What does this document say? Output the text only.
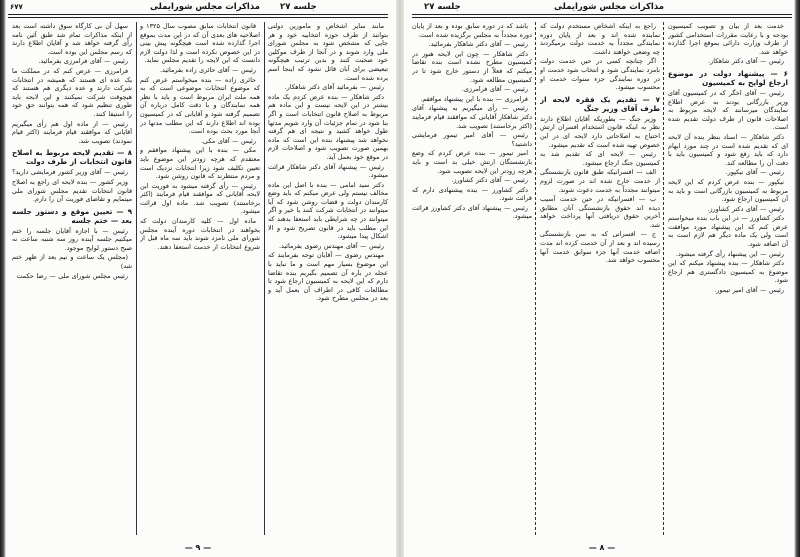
۶۷۷	مذاکرات مجلس شورایملی جلسه ۲۷

مانند سایر اشخاص و مامورین دولتی بتوانند از طرف حوزه انتخابیه خود و هر جایی که مشخص شود به مجلس شورای ملی وارد شوند و در آنجا از طرف موکلین خود صحبت کنند و بدین ترتیب هیچگونه تبعیضی برای آنان قائل نشود که اینجا اسم برده شده است.

رئیس — بفرمائید آقای دکتر شاهکار.

دکتر شاهکار — بنده عرض کردم یک ماده بیشتر در این لایحه نیست و این ماده هم مربوط به اصلاح قانون انتخابات است و اگر بنا شود در تمام جزئیات آن وارد شویم مدتها طول خواهد کشید و نتیجه ای هم گرفته نخواهد شد پیشنهاد بنده این است که ماده بهمین صورت تصویب شود و اصلاحات لازم در موقع خود بعمل آید.

رئیس — پیشنهاد آقای دکتر شاهکار قرائت میشود.

دکتر سید امامی — بنده با اصل این ماده مخالف نیستم ولی عرض میکنم که باید وضع کارمندان دولت و قضات روشن شود که آیا میتوانند در انتخابات شرکت کنند یا خیر و اگر میتوانند در چه شرایطی باید استعفا بدهند که این مطلب باید در قانون تصریح شود و الا اشکال پیدا میشود.

رئیس — آقای مهندس رضوی بفرمائید.

مهندس رضوی — آقایان توجه بفرمایند که این موضوع بسیار مهم است و ما نباید با عجله در باره آن تصمیم بگیریم بنده تقاضا دارم که این لایحه به کمیسیون ارجاع شود تا مطالعات کافی در اطراف آن بعمل آید و بعد در مجلس مطرح شود.

قانون انتخابات سابق مصوب سال ۱۳۲۵ و اصلاحیه های بعدی آن که در این مدت بموقع اجرا گذارده شده است هیچگونه پیش بینی در این خصوص نکرده است و لذا دولت لازم دانست که این لایحه را تقدیم مجلس نماید.

رئیس — آقای حائری زاده بفرمائید.

حائری زاده — بنده میخواستم عرض کنم که موضوع انتخابات موضوعی است که به همه ملت ایران مربوط است و باید با نظر همه نمایندگان و با دقت کامل درباره آن تصمیم گرفته شود و آقایانی که در کمیسیون بوده اند اطلاع دارند که این مطلب مدتها در آنجا مورد بحث بوده است.

رئیس — آقای مکی.

مکی — بنده با این پیشنهاد موافقم و معتقدم که هرچه زودتر این موضوع باید تعیین تکلیف شود زیرا انتخابات نزدیک است و مردم منتظرند که قانون روشن شود.

رئیس — رأی گرفته میشود به فوریت این لایحه آقایانی که موافقند قیام فرمایند (اکثر برخاستند) تصویب شد. ماده اول قرائت میشود.

ماده اول — کلیه کارمندان دولت که بخواهند در انتخابات دوره آینده مجلس شورای ملی نامزد شوند باید سه ماه قبل از شروع انتخابات از خدمت استعفا دهند.

سهل آن بی کارگاه سوق داشته است بعد از اینکه مذاکرات تمام شد طبق آئین نامه رأی گرفته خواهد شد و آقایان اطلاع دارند که رسم مجلس این بوده است.

رئیس — آقای فرامرزی بفرمائید.

فرامرزی — عرض کنم که در مملکت ما یک عده ای هستند که همیشه در انتخابات شرکت دارند و عده دیگری هم هستند که هیچوقت شرکت نمیکنند و این لایحه باید طوری تنظیم شود که همه بتوانند حق خود را استیفا کنند.

رئیس — از ماده اول هم رأی میگیریم آقایانی که موافقند قیام فرمایند (اکثر قیام نمودند) تصویب شد.

۸ — تقدیم لایحه مربوط به اصلاح قانون انتخابات از طرف دولت

رئیس — آقای وزیر کشور فرمایشی دارید؟

وزیر کشور — بنده لایحه ای راجع به اصلاح قانون انتخابات تقدیم مجلس شورای ملی مینمایم و تقاضای فوریت آن را دارم.

۹ — تعیین موقع و دستور جلسه بعد — ختم جلسه

رئیس — با اجازه آقایان جلسه را ختم میکنیم جلسه آینده روز سه شنبه ساعت نه صبح دستور لوایح موجود.

(مجلس یک ساعت و نیم بعد از ظهر ختم شد)

رئیس مجلس شورای ملی — رضا حکمت

— ۹ —
جلسه ۲۷	مذاکرات مجلس شورایملی

خدمت بعد از بیان و تصویب کمیسیون بودجه و با رعایت مقررات استخدامی کشور از طرف وزارت دارائی بموقع اجرا گذارده خواهد شد.

رئیس — آقای دکتر شاهکار.

۶ — پیشنهاد دولت در موضوع ارجاع لوایح به کمیسیون

رئیس — آقای اخگر که در کمیسیون آقای وزیر بازرگانی بودند به عرض اطلاع نمایندگان میرسانند که لایحه مربوط به اصلاحات قانون از طرف دولت تقدیم شده است.

دکتر شاهکار — اسناد بنظر بنده آن لایحه ای که تقدیم شده است در چند مورد ابهام دارد که باید رفع شود و کمیسیون باید با دقت آن را مطالعه کند.

رئیس — آقای نیکپور.

نیکپور — بنده عرض کردم که این لایحه مربوط به کمیسیون بازرگانی است و باید به آن کمیسیون ارجاع شود.

رئیس — آقای دکتر کشاورز.

دکتر کشاورز — در این باب بنده میخواستم عرض کنم که این پیشنهاد مورد موافقت است ولی یک ماده دیگر هم لازم است به آن اضافه شود.

رئیس — این پیشنهاد رأی گرفته میشود.

دکتر شاهکار — بنده پیشنهاد میکنم که این موضوع به کمیسیون دادگستری هم ارجاع شود.

رئیس — آقای امیر تیمور.

راجع به اینکه اشخاص مستخدم دولت که نماینده شده اند و بعد از پایان دوره نمایندگی مجدداً به خدمت دولت برمیگردند چه وضعی خواهند داشت.

اگر چنانچه کسی در حین خدمت دولت نامزد نمایندگی شود و انتخاب شود خدمت او در دوره نمایندگی جزء سنوات خدمت او محسوب میشود.

۷ — تقدیم یک فقره لایحه از طرف آقای وزیر جنگ

وزیر جنگ — بطوریکه آقایان اطلاع دارند نظر به اینکه قانون استخدام افسران ارتش احتیاج به اصلاحاتی دارد لایحه ای در این خصوص تهیه شده است که تقدیم میشود.

رئیس — لایحه ای که تقدیم شد به کمیسیون جنگ ارجاع میشود.

الف — افسرانیکه طبق قانون بازنشستگی از خدمت خارج شده اند در صورت لزوم میتوانند مجدداً به خدمت دعوت شوند.

ب — افسرانیکه در حین خدمت آسیب دیده اند حقوق بازنشستگی آنان مطابق آخرین حقوق دریافتی آنها پرداخت خواهد شد.

ج — افسرانی که به سن بازنشستگی رسیده اند و بعد از آن خدمت کرده اند مدت اضافه خدمت آنها جزء سوابق خدمت آنها محسوب خواهد شد.

باشد که در دوره سابق بوده و بعد از پایان دوره مجدداً به مجلس برگزیده شده است.

رئیس — آقای دکتر شاهکار بفرمائید.

دکتر شاهکار — چون این لایحه هنوز در کمیسیون مطرح نشده است بنده تقاضا میکنم که فعلاً از دستور خارج شود تا در کمیسیون مطالعه شود.

رئیس — آقای فرامرزی.

فرامرزی — بنده با این پیشنهاد موافقم.

رئیس — رأی میگیریم به پیشنهاد آقای دکتر شاهکار آقایانی که موافقند قیام فرمایند (اکثر برخاستند) تصویب شد.

رئیس — آقای امیر تیمور فرمایشی داشتید؟

امیر تیمور — بنده عرض کردم که وضع بازنشستگان ارتش خیلی بد است و باید هرچه زودتر این لایحه تصویب شود.

رئیس — آقای دکتر کشاورز.

دکتر کشاورز — بنده پیشنهادی دارم که قرائت شود.

رئیس — پیشنهاد آقای دکتر کشاورز قرائت میشود.

— ۸ —
